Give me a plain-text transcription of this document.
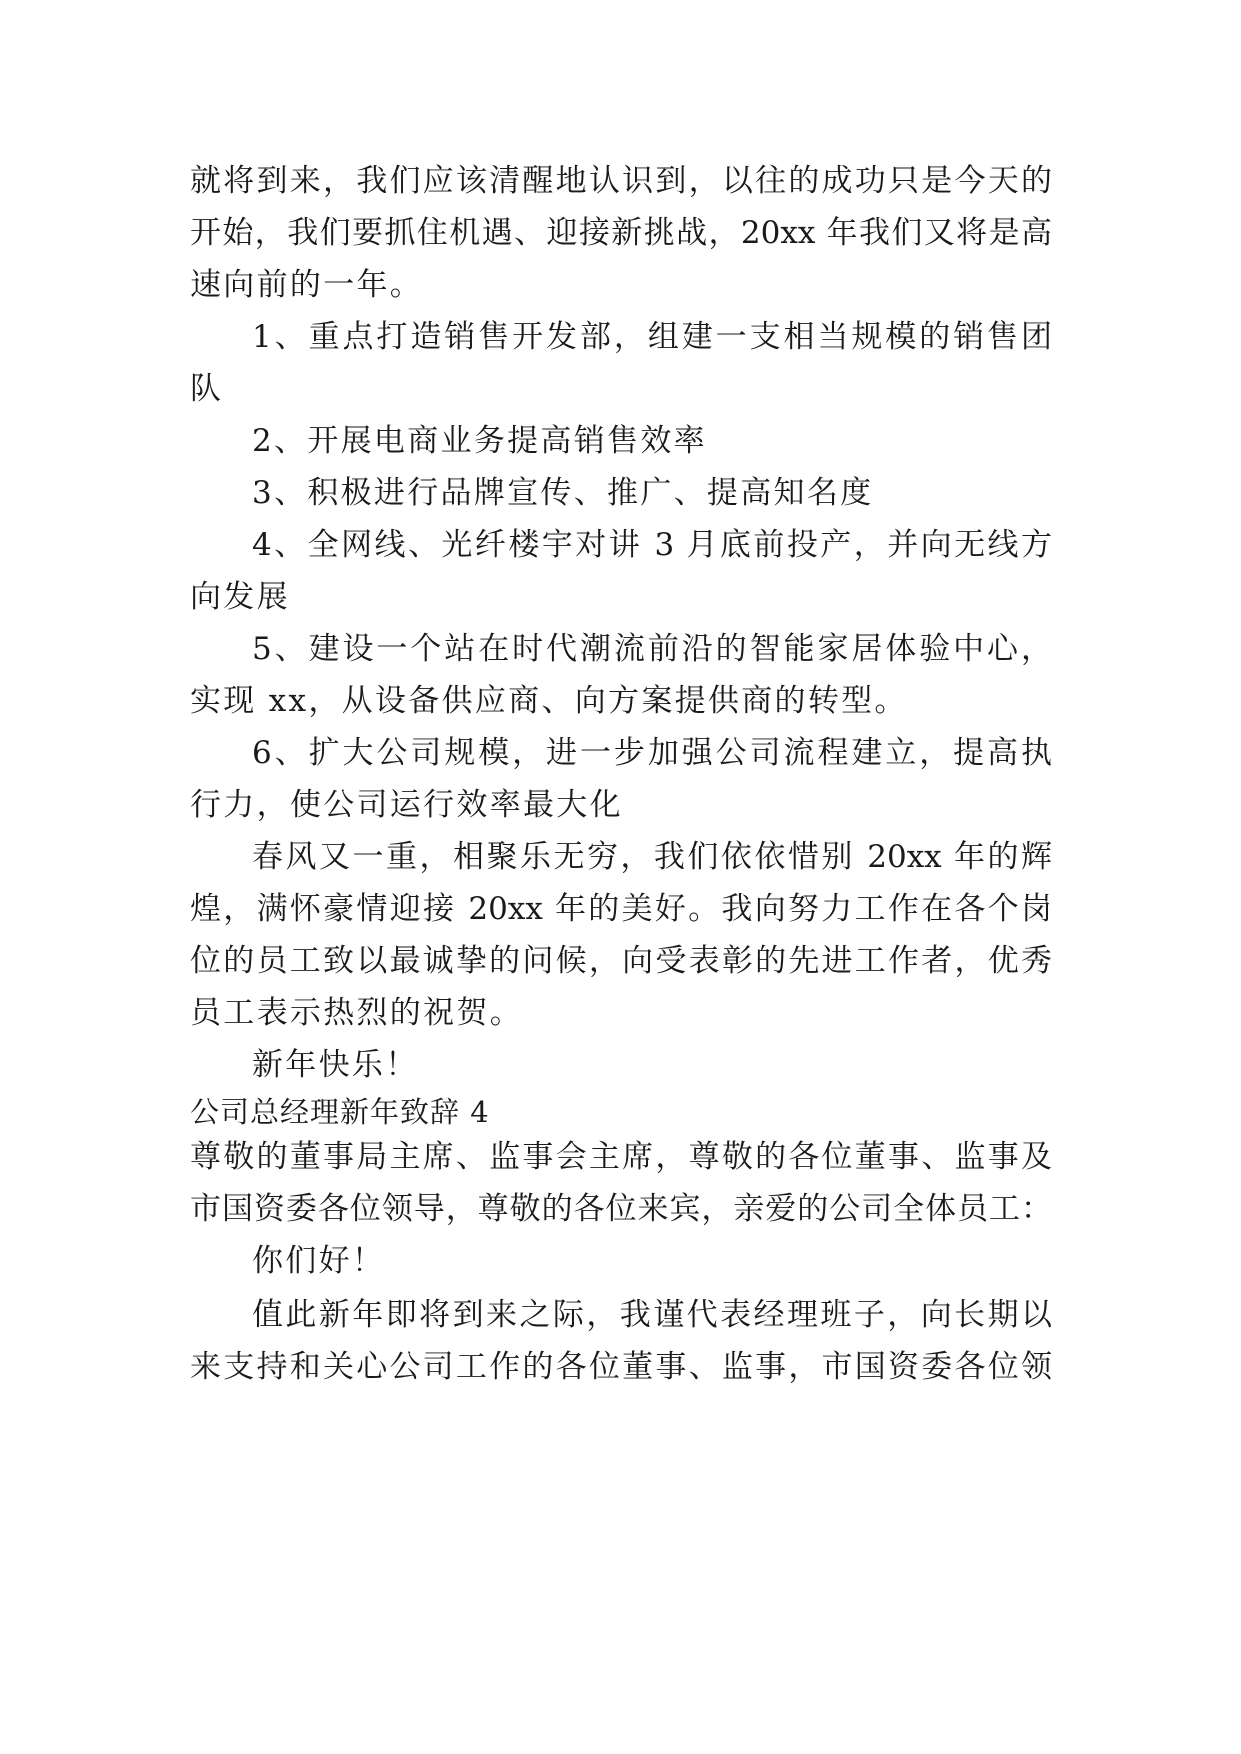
就将到来，我们应该清醒地认识到，以往的成功只是今天的
开始，我们要抓住机遇、迎接新挑战，20xx 年我们又将是高
速向前的一年。
1、重点打造销售开发部，组建一支相当规模的销售团
队
2、开展电商业务提高销售效率
3、积极进行品牌宣传、推广、提高知名度
4、全网线、光纤楼宇对讲 3 月底前投产，并向无线方
向发展
5、建设一个站在时代潮流前沿的智能家居体验中心，
实现 xx，从设备供应商、向方案提供商的转型。
6、扩大公司规模，进一步加强公司流程建立，提高执
行力，使公司运行效率最大化
春风又一重，相聚乐无穷，我们依依惜别 20xx 年的辉
煌，满怀豪情迎接 20xx 年的美好。我向努力工作在各个岗
位的员工致以最诚挚的问候，向受表彰的先进工作者，优秀
员工表示热烈的祝贺。
新年快乐！
公司总经理新年致辞 4
尊敬的董事局主席、监事会主席，尊敬的各位董事、监事及
市国资委各位领导，尊敬的各位来宾，亲爱的公司全体员工：
你们好！
值此新年即将到来之际，我谨代表经理班子，向长期以
来支持和关心公司工作的各位董事、监事，市国资委各位领
